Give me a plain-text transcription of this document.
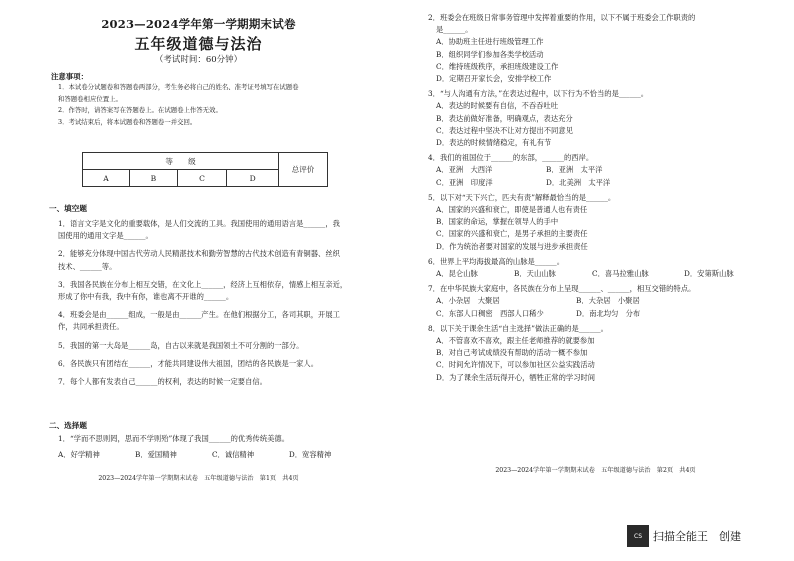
2023—2024学年第一学期期末试卷
五年级道德与法治
（考试时间：60分钟）
注意事项：
1．本试卷分试题卷和答题卷两部分，考生务必将自己的姓名、准考证号填写在试题卷
和答题卷相应位置上。
2．作答时，请答案写在答题卷上。在试题卷上作答无效。
3．考试结束后，将本试题卷和答题卷一并交回。
等　　级				总评价
A	B	C	D	
一、填空题
1．语言文字是文化的重要载体，是人们交流的工具。我国使用的通用语言是______，我
国使用的通用文字是______。
2．能够充分体现中国古代劳动人民精湛技术和勤劳智慧的古代技术创造有青铜器、丝织
技术、______等。
3．我国各民族在分布上相互交错，在文化上______，经济上互相依存，情感上相互亲近，
形成了你中有我，我中有你，谁也离不开谁的______。
4．班委会是由______组成，一般是由______产生。在他们根据分工，各司其职，开展工
作，共同承担责任。
5．我国的第一大岛是______岛，自古以来就是我国领土不可分割的一部分。
6．各民族只有团结在______，才能共同建设伟大祖国，团结的各民族是一家人。
7．每个人都有发表自己______的权利，表达的时候一定要自信。
二、选择题
1．“学而不思则罔，思而不学则殆”体现了我国______的优秀传统美德。
A．好学精神	B．爱国精神	C．诚信精神	D．宽容精神
2023—2024学年第一学期期末试卷　五年级道德与法治　第1页　共4页
2．班委会在班级日常事务管理中发挥着重要的作用，以下不属于班委会工作职责的
是______。
A．协助班主任进行班级管理工作
B．组织同学们参加各类学校活动
C．维持班级秩序，承担班级建设工作
D．定期召开家长会，安排学校工作
3．“与人沟通有方法，”在表达过程中，以下行为不恰当的是______。
A．表达的时候要有自信，不吞吞吐吐
B．表达前做好准备，明确观点，表达充分
C．表达过程中坚决不让对方提出不同意见
D．表达的时候情绪稳定，有礼有节
4．我们的祖国位于______的东部，______的西岸。
A．亚洲　大西洋	B．亚洲　太平洋
C．亚洲　印度洋	D．北美洲　太平洋
5．以下对“天下兴亡，匹夫有责”解释最恰当的是______。
A．国家的兴盛和衰亡，即使是普通人也有责任
B．国家的命运，掌握在领导人的手中
C．国家的兴盛和衰亡，是男子承担的主要责任
D．作为统治者要对国家的发展与进步承担责任
6．世界上平均海拔最高的山脉是______。
A．昆仑山脉	B．天山山脉	C．喜马拉雅山脉	D．安第斯山脉
7．在中华民族大家庭中，各民族在分布上呈现______、______，相互交错的特点。
A．小杂居　大聚居	B．大杂居　小聚居
C．东部人口稠密　西部人口稀少	D．南北均匀　分布
8．以下关于课余生活“自主选择”做法正确的是______。
A．不管喜欢不喜欢，跟主任老师推荐的就要参加
B．对自己考试成绩没有帮助的活动一概不参加
C．时间允许情况下，可以参加社区公益实践活动
D．为了课余生活玩得开心，牺牲正常的学习时间
2023—2024学年第一学期期末试卷　五年级道德与法治　第2页　共4页
CS	扫描全能王　创建
